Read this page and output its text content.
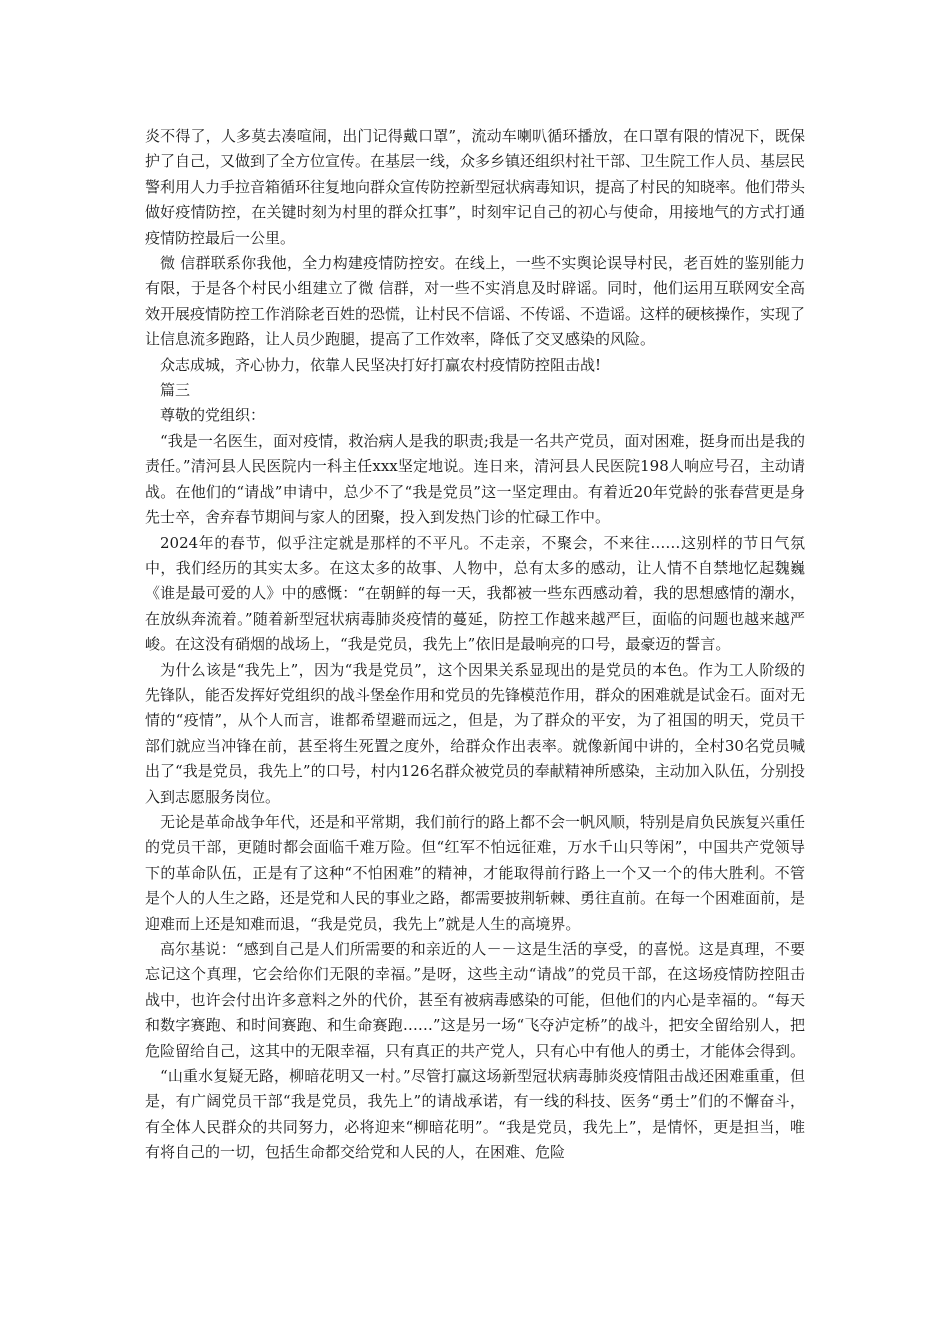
炎不得了，人多莫去凑喧闹，出门记得戴口罩”，流动车喇叭循环播放，在口罩有限的情况下，既保护了自己，又做到了全方位宣传。在基层一线，众多乡镇还组织村社干部、卫生院工作人员、基层民警利用人力手拉音箱循环往复地向群众宣传防控新型冠状病毒知识，提高了村民的知晓率。他们带头做好疫情防控，在关键时刻为村里的群众扛事”，时刻牢记自己的初心与使命，用接地气的方式打通疫情防控最后一公里。

微 信群联系你我他，全力构建疫情防控安。在线上，一些不实舆论误导村民，老百姓的鉴别能力有限，于是各个村民小组建立了微 信群，对一些不实消息及时辟谣。同时，他们运用互联网安全高效开展疫情防控工作消除老百姓的恐慌，让村民不信谣、不传谣、不造谣。这样的硬核操作，实现了让信息流多跑路，让人员少跑腿，提高了工作效率，降低了交叉感染的风险。

众志成城，齐心协力，依靠人民坚决打好打赢农村疫情防控阻击战!

篇三

尊敬的党组织：

“我是一名医生，面对疫情，救治病人是我的职责;我是一名共产党员，面对困难，挺身而出是我的责任。”清河县人民医院内一科主任xxx坚定地说。连日来，清河县人民医院198人响应号召，主动请战。在他们的“请战”申请中，总少不了“我是党员”这一坚定理由。有着近20年党龄的张春营更是身先士卒，舍弃春节期间与家人的团聚，投入到发热门诊的忙碌工作中。

2024年的春节，似乎注定就是那样的不平凡。不走亲，不聚会，不来往……这别样的节日气氛中，我们经历的其实太多。在这太多的故事、人物中，总有太多的感动，让人情不自禁地忆起魏巍《谁是最可爱的人》中的感慨：“在朝鲜的每一天，我都被一些东西感动着，我的思想感情的潮水，在放纵奔流着。”随着新型冠状病毒肺炎疫情的蔓延，防控工作越来越严巨，面临的问题也越来越严峻。在这没有硝烟的战场上，“我是党员，我先上”依旧是最响亮的口号，最豪迈的誓言。

为什么该是“我先上”，因为“我是党员”，这个因果关系显现出的是党员的本色。作为工人阶级的先锋队，能否发挥好党组织的战斗堡垒作用和党员的先锋模范作用，群众的困难就是试金石。面对无情的“疫情”，从个人而言，谁都希望避而远之，但是，为了群众的平安，为了祖国的明天，党员干部们就应当冲锋在前，甚至将生死置之度外，给群众作出表率。就像新闻中讲的，全村30名党员喊出了“我是党员，我先上”的口号，村内126名群众被党员的奉献精神所感染，主动加入队伍，分别投入到志愿服务岗位。

无论是革命战争年代，还是和平常期，我们前行的路上都不会一帆风顺，特别是肩负民族复兴重任的党员干部，更随时都会面临千难万险。但“红军不怕远征难，万水千山只等闲”，中国共产党领导下的革命队伍，正是有了这种“不怕困难”的精神，才能取得前行路上一个又一个的伟大胜利。不管是个人的人生之路，还是党和人民的事业之路，都需要披荆斩棘、勇往直前。在每一个困难面前，是迎难而上还是知难而退，“我是党员，我先上”就是人生的高境界。

高尔基说：“感到自己是人们所需要的和亲近的人－－这是生活的享受，的喜悦。这是真理，不要忘记这个真理，它会给你们无限的幸福。”是呀，这些主动“请战”的党员干部，在这场疫情防控阻击战中，也许会付出许多意料之外的代价，甚至有被病毒感染的可能，但他们的内心是幸福的。“每天和数字赛跑、和时间赛跑、和生命赛跑……”这是另一场“飞夺泸定桥”的战斗，把安全留给别人，把危险留给自己，这其中的无限幸福，只有真正的共产党人，只有心中有他人的勇士，才能体会得到。

“山重水复疑无路，柳暗花明又一村。”尽管打赢这场新型冠状病毒肺炎疫情阻击战还困难重重，但是，有广阔党员干部“我是党员，我先上”的请战承诺，有一线的科技、医务“勇士”们的不懈奋斗，有全体人民群众的共同努力，必将迎来“柳暗花明”。“我是党员，我先上”，是情怀，更是担当，唯有将自己的一切，包括生命都交给党和人民的人，在困难、危险
